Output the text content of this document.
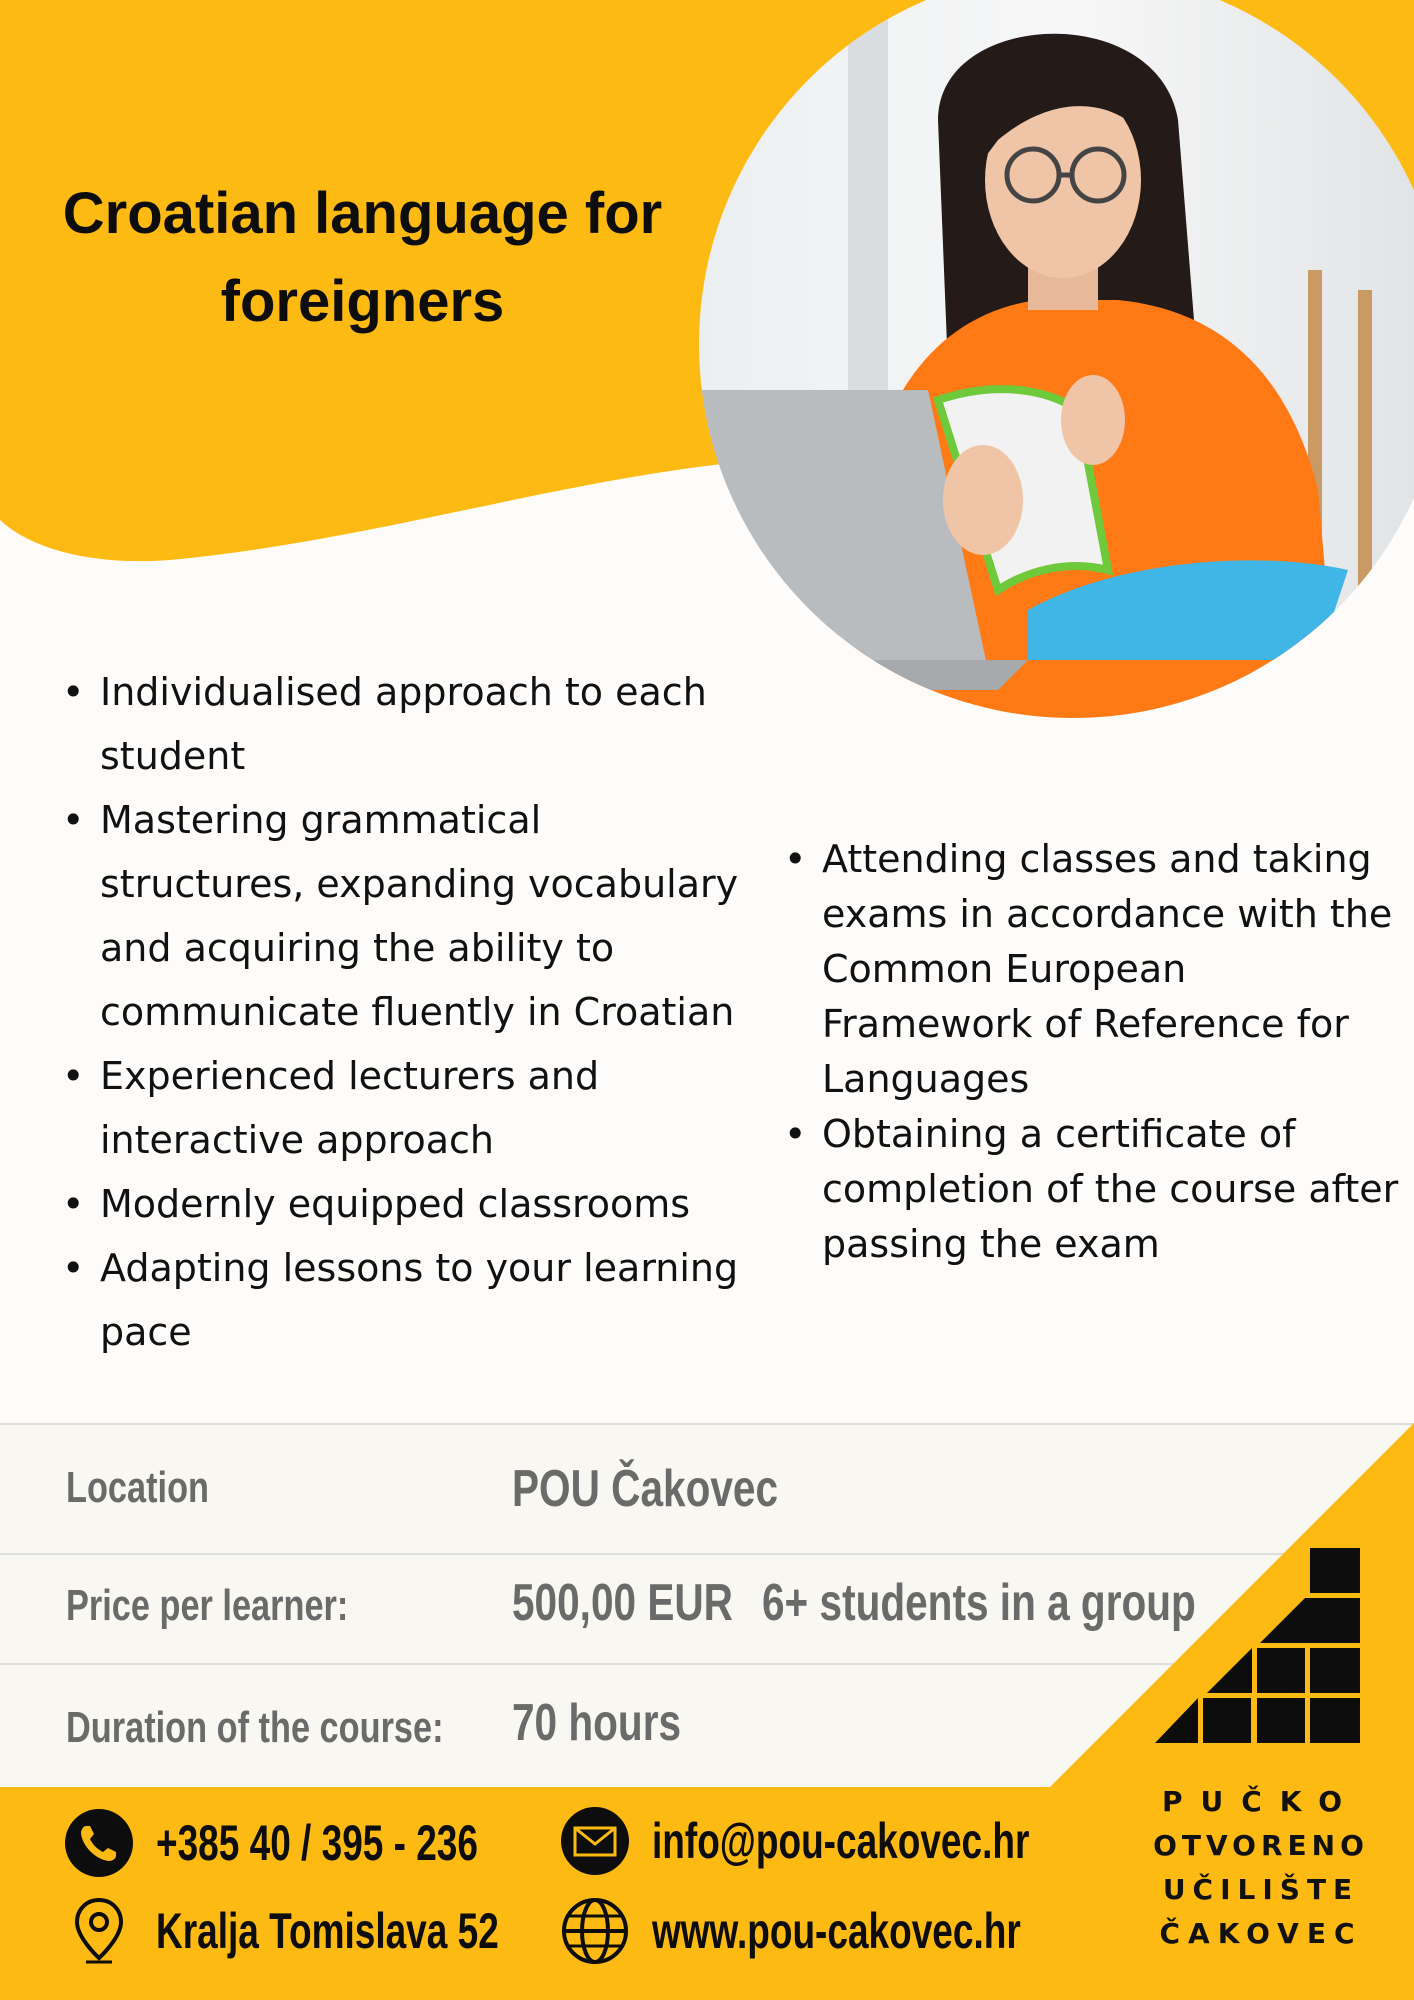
Croatian language for
foreigners
• Individualised approach to each student
• Mastering grammatical structures, expanding vocabulary and acquiring the ability to communicate fluently in Croatian
• Experienced lecturers and interactive approach
• Modernly equipped classrooms
• Adapting lessons to your learning pace
• Attending classes and taking exams in accordance with the Common European Framework of Reference for Languages
• Obtaining a certificate of completion of the course after passing the exam
Location	POU Čakovec
Price per learner:	500,00 EUR 6+ students in a group
Duration of the course: 70 hours
+385 40 / 395 - 236	info@pou-cakovec.hr
Kralja Tomislava 52	www.pou-cakovec.hr
PUČKO
OTVORENO
UČILIŠTE
ČAKOVEC
